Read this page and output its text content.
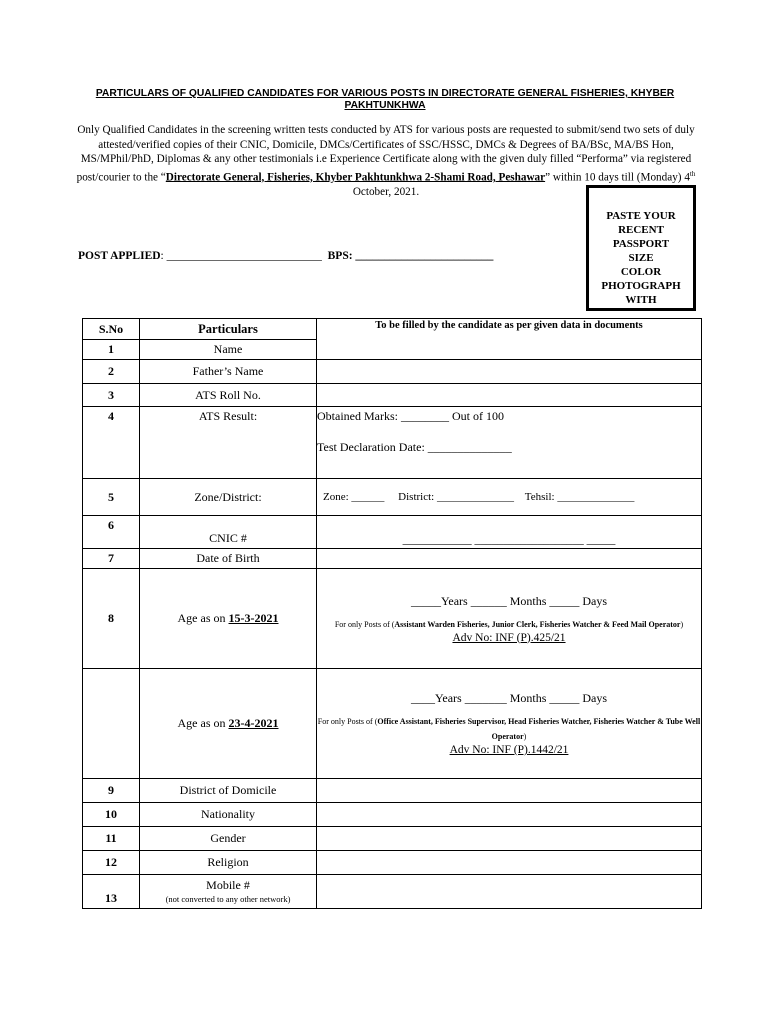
PARTICULARS OF QUALIFIED CANDIDATES FOR VARIOUS POSTS IN DIRECTORATE GENERAL FISHERIES, KHYBER PAKHTUNKHWA
Only Qualified Candidates in the screening written tests conducted by ATS for various posts are requested to submit/send two sets of duly attested/verified copies of their CNIC, Domicile, DMCs/Certificates of SSC/HSSC, DMCs & Degrees of BA/BSc, MA/BS Hon, MS/MPhil/PhD, Diplomas & any other testimonials i.e Experience Certificate along with the given duly filled “Performa” via registered post/courier to the “Directorate General, Fisheries, Khyber Pakhtunkhwa 2-Shami Road, Peshawar” within 10 days till (Monday) 4th October, 2021.
PASTE YOUR
RECENT
PASSPORT
SIZE
COLOR
PHOTOGRAPH
WITH
POST APPLIED: ___________________________ BPS: ________________________
S.No	Particulars	To be filled by the candidate as per given data in documents
1	Name	
2	Father’s Name	
3	ATS Roll No.	
4	ATS Result:	Obtained Marks: ________ Out of 100
Test Declaration Date: ______________

5	Zone/District:	Zone: ______ District: ______________ Tehsil: ______________
6	CNIC #	____________ ___________________ _____
7	Date of Birth	
8	Age as on 15-3-2021	_____Years ______ Months _____ Days
For only Posts of (Assistant Warden Fisheries, Junior Clerk, Fisheries Watcher & Feed Mail Operator)
Adv No: INF (P).425/21

	Age as on 23-4-2021	____Years _______ Months _____ Days
For only Posts of (Office Assistant, Fisheries Supervisor, Head Fisheries Watcher, Fisheries Watcher & Tube Well Operator)
Adv No: INF (P).1442/21

9	District of Domicile	
10	Nationality	
11	Gender	
12	Religion	
13	Mobile #
(not converted to any other network)	
